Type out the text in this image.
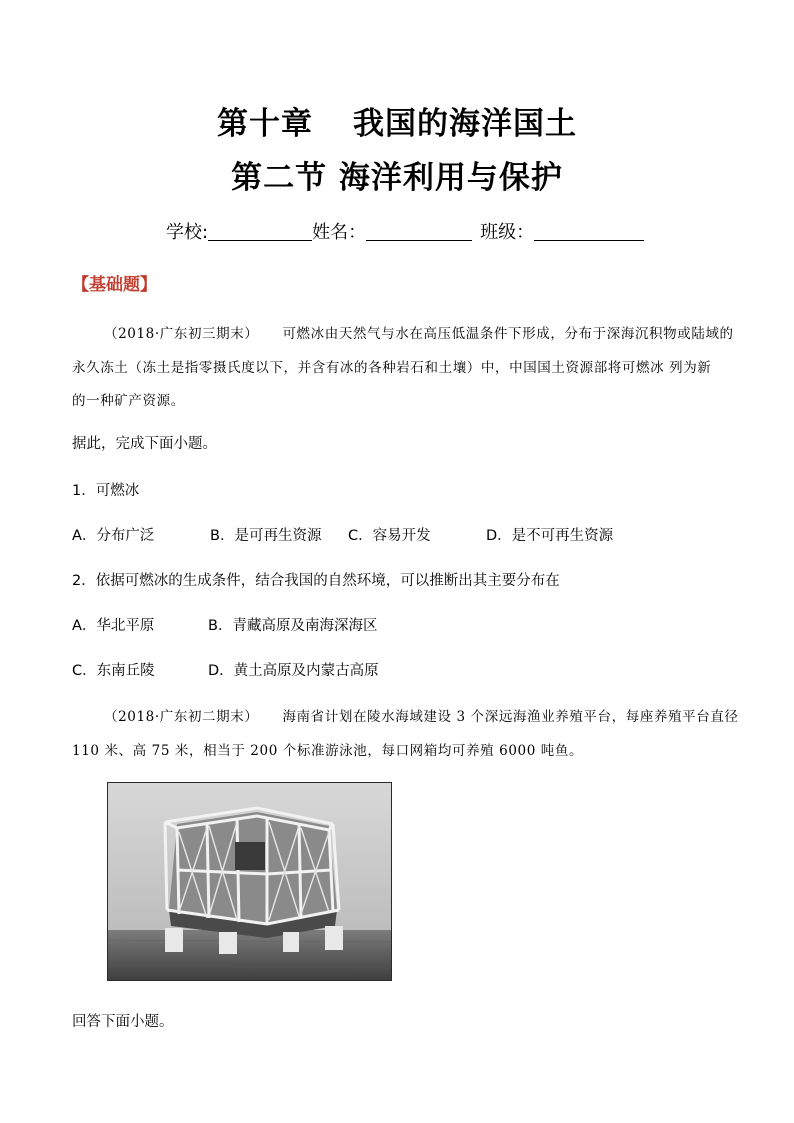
第十章 我国的海洋国土
第二节 海洋利用与保护
学校:	姓名：	班级：
【基础题】
（2018·广东初三期末） 可燃冰由天然气与水在高压低温条件下形成，分布于深海沉积物或陆域的
永久冻土（冻土是指零摄氏度以下，并含有冰的各种岩石和土壤）中，中国国土资源部将可燃冰 列为新
的一种矿产资源。
据此，完成下面小题。
1．可燃冰
A．分布广泛	B．是可再生资源 C．容易开发	D．是不可再生资源
2．依据可燃冰的生成条件，结合我国的自然环境，可以推断出其主要分布在
A．华北平原	B．青藏高原及南海深海区
C．东南丘陵	D．黄土高原及内蒙古高原
（2018·广东初二期末） 海南省计划在陵水海域建设 3 个深远海渔业养殖平台，每座养殖平台直径
110 米、高 75 米，相当于 200 个标准游泳池，每口网箱均可养殖 6000 吨鱼。
回答下面小题。
